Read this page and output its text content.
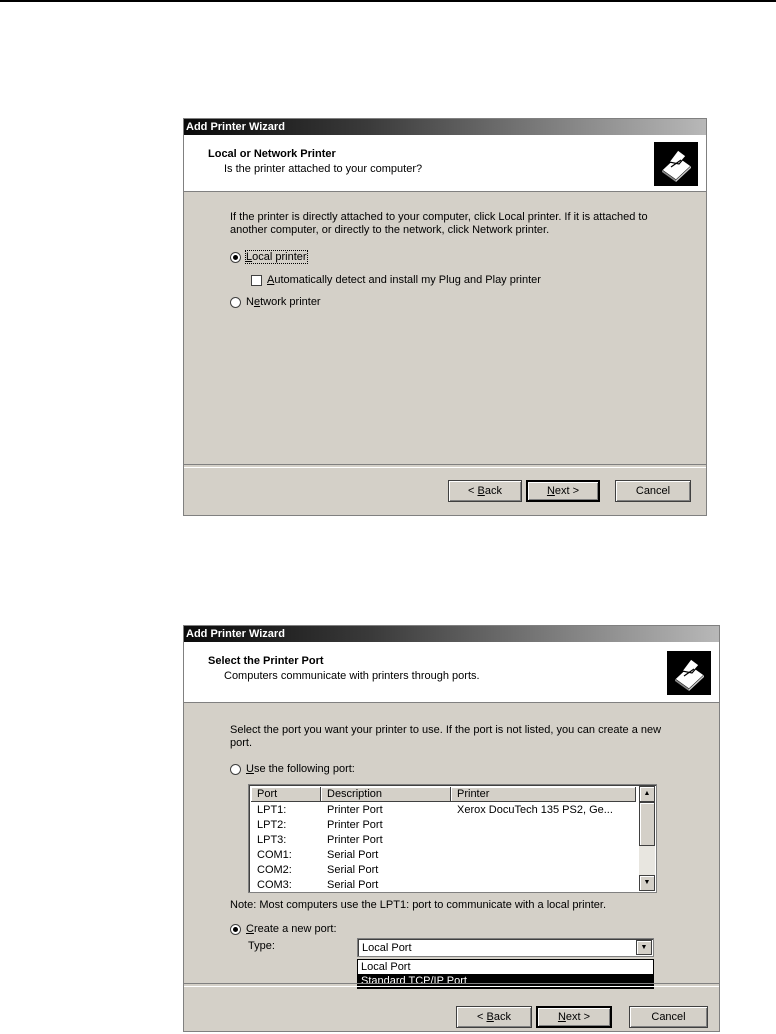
Add Printer Wizard
Local or Network Printer
Is the printer attached to your computer?
If the printer is directly attached to your computer, click Local printer. If it is attached to another computer, or directly to the network, click Network printer.
Local printer
Automatically detect and install my Plug and Play printer
Network printer
< Back	Next >	Cancel
Add Printer Wizard
Select the Printer Port
Computers communicate with printers through ports.
Select the port you want your printer to use. If the port is not listed, you can create a new port.
Use the following port:
Port	Description	Printer
LPT1:	Printer Port	Xerox DocuTech 135 PS2, Ge...
LPT2:	Printer Port
LPT3:	Printer Port
COM1:	Serial Port
COM2:	Serial Port
COM3:	Serial Port
▲
▼
Note: Most computers use the LPT1: port to communicate with a local printer.
Create a new port:
Type:	Local Port	▼
Local Port
Standard TCP/IP Port
< Back	Next >	Cancel
